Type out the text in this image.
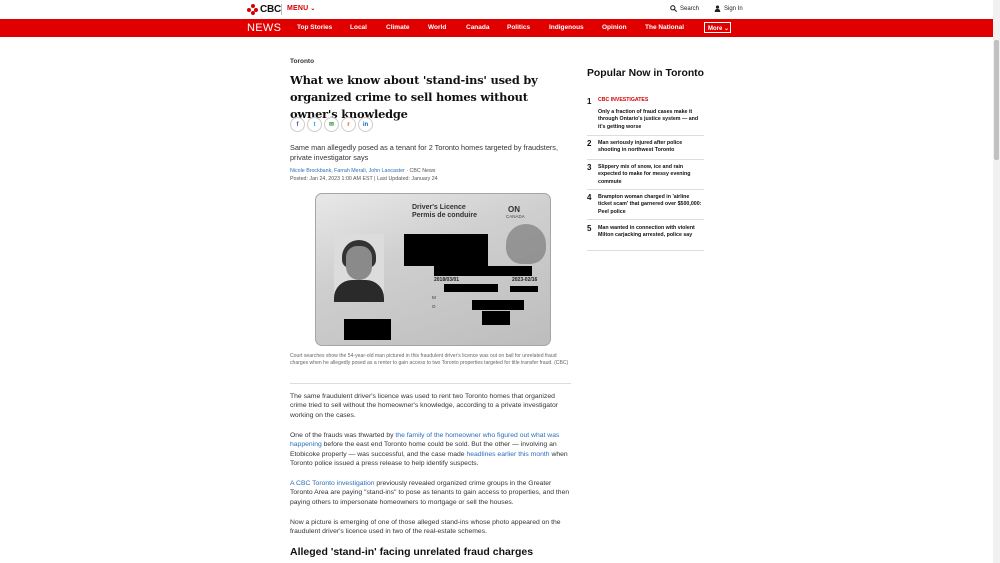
CBC MENU ⌄	Search	Sign In
NEWS Top Stories	Local	Climate	World	Canada	Politics	Indigenous	Opinion	The National	More ⌄
Toronto
What we know about 'stand-ins' used by organized crime to sell homes without owner's knowledge
f	t	✉	r	in

Same man allegedly posed as a tenant for 2 Toronto homes targeted by fraudsters, private investigator says

Nicole Brockbank, Farrah Merali, John Lancaster · CBC News
Posted: Jan 24, 2023 1:00 AM EST | Last Updated: January 24
Driver's Licence
Permis de conduire
ON
CANADA
2018/03/01	2023-02/16
M
O

Court searches show the 54-year-old man pictured in this fraudulent driver's licence was out on bail for unrelated fraud charges when he allegedly posed as a renter to gain access to two Toronto properties targeted for title transfer fraud. (CBC)

The same fraudulent driver's licence was used to rent two Toronto homes that organized crime tried to sell without the homeowner's knowledge, according to a private investigator working on the cases.

One of the frauds was thwarted by the family of the homeowner who figured out what was happening before the east end Toronto home could be sold. But the other — involving an Etobicoke property — was successful, and the case made headlines earlier this month when Toronto police issued a press release to help identify suspects.

A CBC Toronto investigation previously revealed organized crime groups in the Greater Toronto Area are paying "stand-ins" to pose as tenants to gain access to properties, and then paying others to impersonate homeowners to mortgage or sell the houses.

Now a picture is emerging of one of those alleged stand-ins whose photo appeared on the fraudulent driver's licence used in two of the real-estate schemes.

Alleged 'stand-in' facing unrelated fraud charges
Popular Now in Toronto
1 CBC INVESTIGATES
Only a fraction of fraud cases make it through Ontario's justice system — and it's getting worse
2 Man seriously injured after police shooting in northwest Toronto
3 Slippery mix of snow, ice and rain expected to make for messy evening commute
4 Brampton woman charged in 'airline ticket scam' that garnered over $500,000: Peel police
5 Man wanted in connection with violent Milton carjacking arrested, police say
